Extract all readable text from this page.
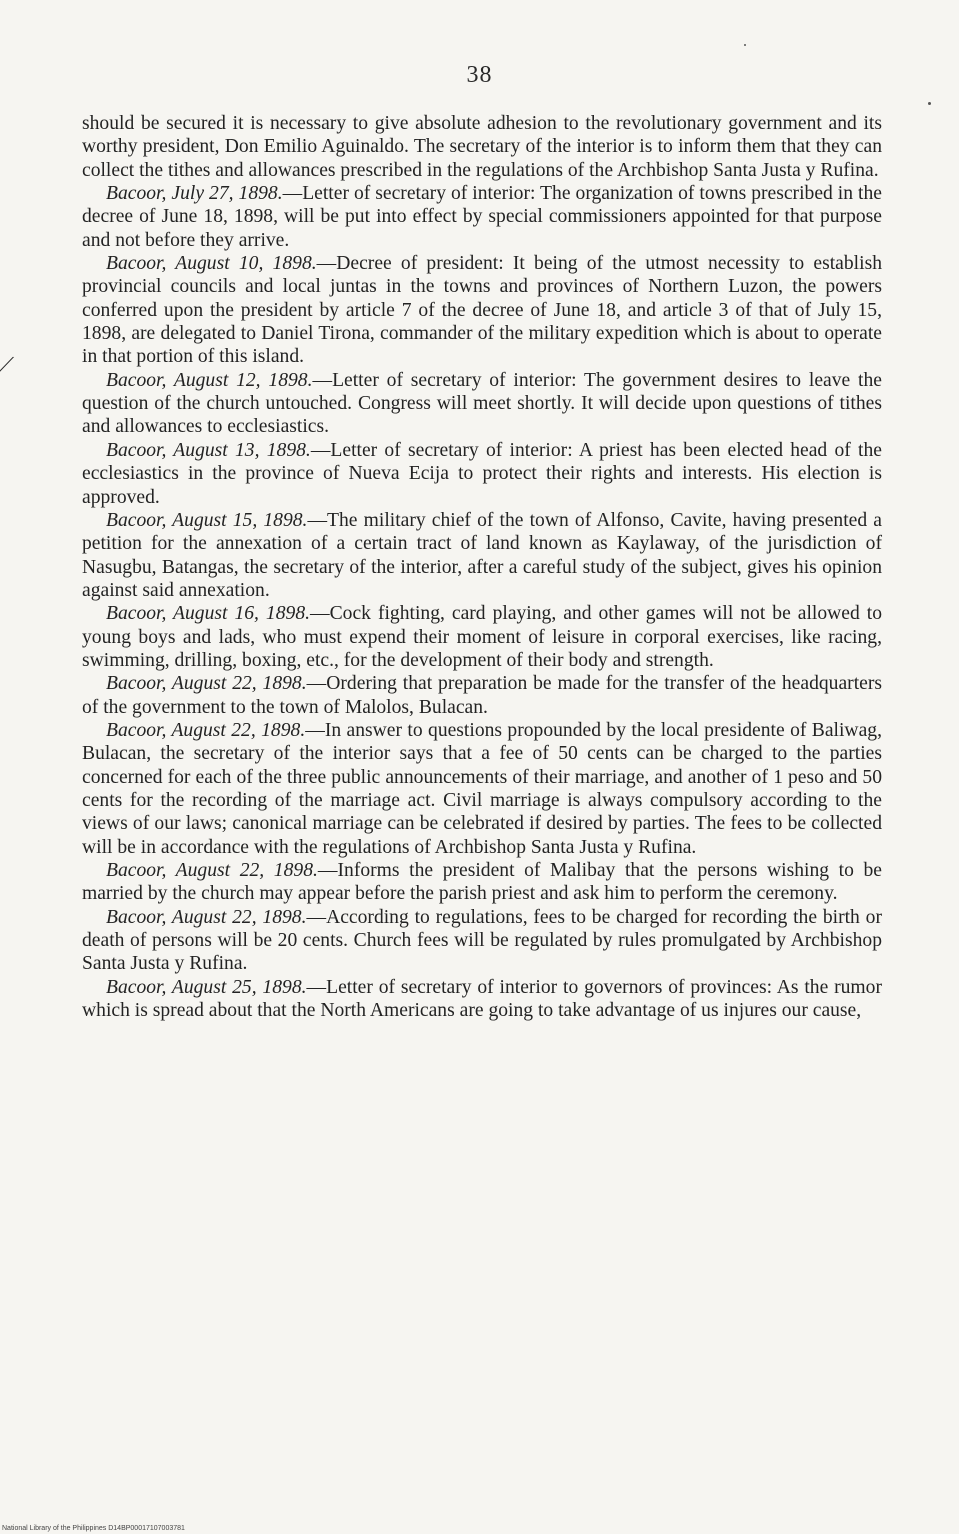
38
∕

should be secured it is necessary to give absolute adhesion to the revolutionary government and its worthy president, Don Emilio Aguinaldo. The secretary of the interior is to inform them that they can collect the tithes and allowances prescribed in the regulations of the Archbishop Santa Justa y Rufina.

Bacoor, July 27, 1898.—Letter of secretary of interior: The organization of towns prescribed in the decree of June 18, 1898, will be put into effect by special commissioners appointed for that purpose and not before they arrive.

Bacoor, August 10, 1898.—Decree of president: It being of the utmost necessity to establish provincial councils and local juntas in the towns and provinces of Northern Luzon, the powers conferred upon the president by article 7 of the decree of June 18, and article 3 of that of July 15, 1898, are delegated to Daniel Tirona, commander of the military expedition which is about to operate in that portion of this island.

Bacoor, August 12, 1898.—Letter of secretary of interior: The government desires to leave the question of the church untouched. Congress will meet shortly. It will decide upon questions of tithes and allowances to ecclesiastics.

Bacoor, August 13, 1898.—Letter of secretary of interior: A priest has been elected head of the ecclesiastics in the province of Nueva Ecija to protect their rights and interests. His election is approved.

Bacoor, August 15, 1898.—The military chief of the town of Alfonso, Cavite, having presented a petition for the annexation of a certain tract of land known as Kaylaway, of the jurisdiction of Nasugbu, Batangas, the secretary of the interior, after a careful study of the subject, gives his opinion against said annexation.

Bacoor, August 16, 1898.—Cock fighting, card playing, and other games will not be allowed to young boys and lads, who must expend their moment of leisure in corporal exercises, like racing, swimming, drilling, boxing, etc., for the development of their body and strength.

Bacoor, August 22, 1898.—Ordering that preparation be made for the transfer of the headquarters of the government to the town of Malolos, Bulacan.

Bacoor, August 22, 1898.—In answer to questions propounded by the local presidente of Baliwag, Bulacan, the secretary of the interior says that a fee of 50 cents can be charged to the parties concerned for each of the three public announcements of their marriage, and another of 1 peso and 50 cents for the recording of the marriage act. Civil marriage is always compulsory according to the views of our laws; canonical marriage can be celebrated if desired by parties. The fees to be collected will be in accordance with the regulations of Archbishop Santa Justa y Rufina.

Bacoor, August 22, 1898.—Informs the president of Malibay that the persons wishing to be married by the church may appear before the parish priest and ask him to perform the ceremony.

Bacoor, August 22, 1898.—According to regulations, fees to be charged for recording the birth or death of persons will be 20 cents. Church fees will be regulated by rules promulgated by Archbishop Santa Justa y Rufina.

Bacoor, August 25, 1898.—Letter of secretary of interior to governors of provinces: As the rumor which is spread about that the North Americans are going to take advantage of us injures our cause,

National Library of the Philippines D14BP00017107003781
